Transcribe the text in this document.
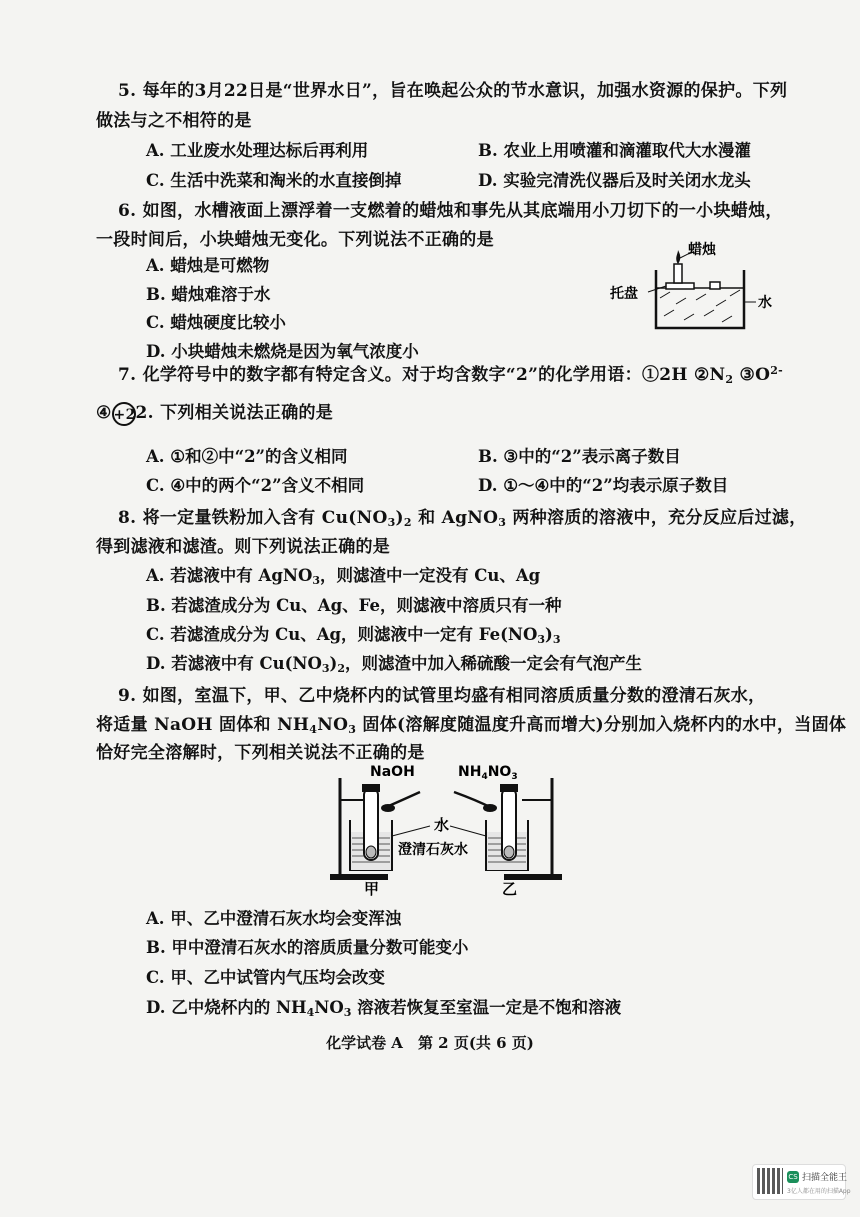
5. 每年的3月22日是“世界水日”，旨在唤起公众的节水意识，加强水资源的保护。下列
做法与之不相符的是
A. 工业废水处理达标后再利用	B. 农业上用喷灌和滴灌取代大水漫灌
C. 生活中洗菜和淘米的水直接倒掉	D. 实验完清洗仪器后及时关闭水龙头
6. 如图，水槽液面上漂浮着一支燃着的蜡烛和事先从其底端用小刀切下的一小块蜡烛，
一段时间后，小块蜡烛无变化。下列说法不正确的是
A. 蜡烛是可燃物
B. 蜡烛难溶于水
C. 蜡烛硬度比较小
D. 小块蜡烛未燃烧是因为氧气浓度小
蜡烛
托盘
水
7. 化学符号中的数字都有特定含义。对于均含数字“2”的化学用语：①2H $②N_2$ $③O^{2-}$
④ +22. 下列相关说法正确的是
A. ①和②中“2”的含义相同	B. ③中的“2”表示离子数目
C. ④中的两个“2”含义不相同	D. ①～④中的“2”均表示原子数目
8. 将一定量铁粉加入含有 $Cu(NO_3)_2$ 和 AgNO$_3$ 两种溶质的溶液中，充分反应后过滤，
得到滤液和滤渣。则下列说法正确的是
A. 若滤液中有 AgNO$_3$，则滤渣中一定没有 Cu、Ag
B. 若滤渣成分为 Cu、Ag、Fe，则滤液中溶质只有一种
C. 若滤渣成分为 Cu、Ag，则滤液中一定有 $Fe(NO_3)_3$
D. 若滤液中有 $Cu(NO_3)_2$，则滤渣中加入稀硫酸一定会有气泡产生
9. 如图，室温下，甲、乙中烧杯内的试管里均盛有相同溶质质量分数的澄清石灰水，
将适量 NaOH 固体和 $NH_4NO_3$ 固体(溶解度随温度升高而增大)分别加入烧杯内的水中，当固体
恰好完全溶解时，下列相关说法不正确的是
NaOH	$NH_4NO_3$
水
澄清石灰水
甲	乙
A. 甲、乙中澄清石灰水均会变浑浊
B. 甲中澄清石灰水的溶质质量分数可能变小
C. 甲、乙中试管内气压均会改变
D. 乙中烧杯内的 $NH_4NO_3$ 溶液若恢复至室温一定是不饱和溶液
化学试卷 A　第 2 页(共 6 页)
CS 扫描全能王
3亿人都在用的扫描App
